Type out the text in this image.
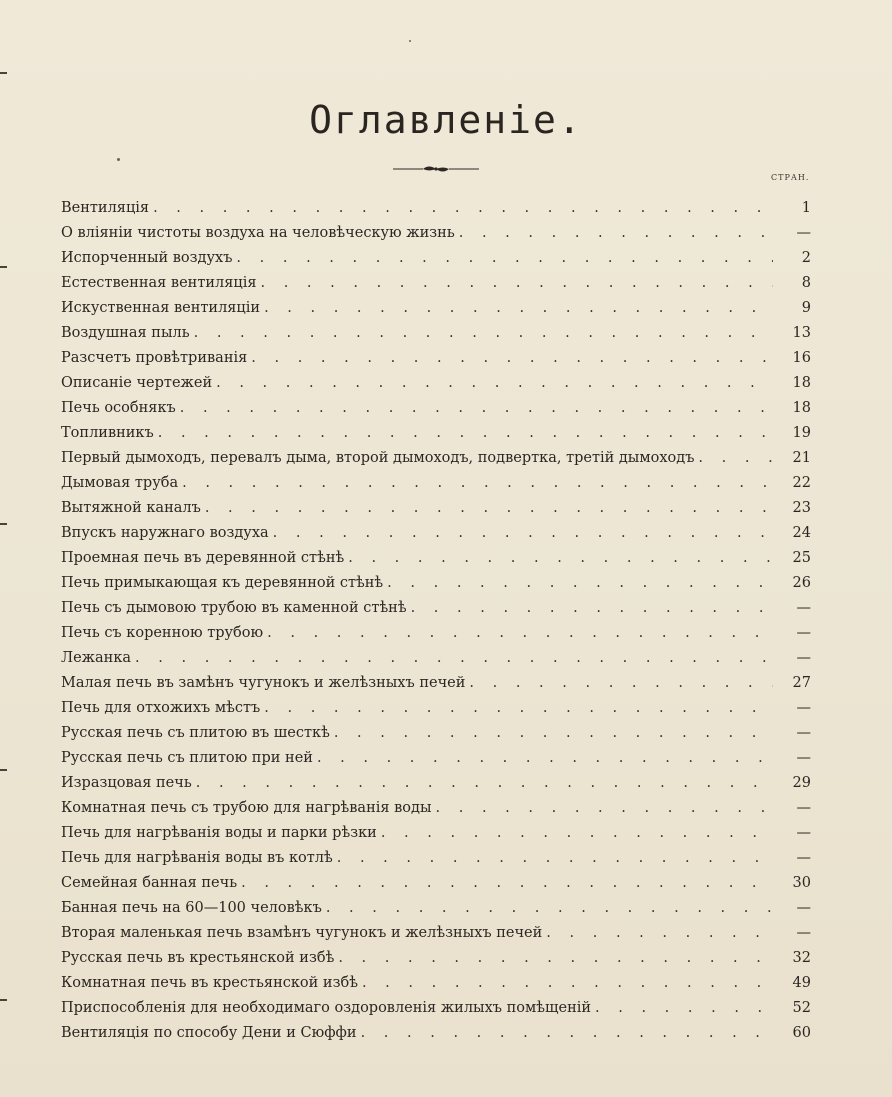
Оглавленіе.
СТРАН.
Вентиляція . . .	1
О вліяніи чистоты воздуха на человѣческую жизнь . . .	—
Испорченный воздухъ . . .	2
Естественная вентиляція . . .	8
Искуственная вентиляціи . . .	9
Воздушная пыль . . .	13
Разсчетъ провѣтриванія . . .	16
Описаніе чертежей . . .	18
Печь особнякъ . . .	18
Топливникъ . . .	19
Первый дымоходъ, перевалъ дыма, второй дымоходъ, подвертка, третій дымоходъ . . .	21
Дымовая труба . . .	22
Вытяжной каналъ . . .	23
Впускъ наружнаго воздуха . . .	24
Проемная печь въ деревянной стѣнѣ . . .	25
Печь примыкающая къ деревянной стѣнѣ . . .	26
Печь съ дымовою трубою въ каменной стѣнѣ . . .	—
Печь съ коренною трубою . . .	—
Лежанка . . .	—
Малая печь въ замѣнъ чугунокъ и желѣзныхъ печей . . .	27
Печь для отхожихъ мѣстъ . . .	—
Русская печь съ плитою въ шесткѣ . . .	—
Русская печь съ плитою при ней . . .	—
Изразцовая печь . . .	29
Комнатная печь съ трубою для нагрѣванія воды . . .	—
Печь для нагрѣванія воды и парки рѣзки . . .	—
Печь для нагрѣванія воды въ котлѣ . . .	—
Семейная банная печь . . .	30
Банная печь на 60—100 человѣкъ . . .	—
Вторая маленькая печь взамѣнъ чугунокъ и желѣзныхъ печей . . .	—
Русская печь въ крестьянской избѣ . . .	32
Комнатная печь въ крестьянской избѣ . . .	49
Приспособленія для необходимаго оздоровленія жилыхъ помѣщеній . . .	52
Вентиляція по способу Дени и Сюффи . . .	60
